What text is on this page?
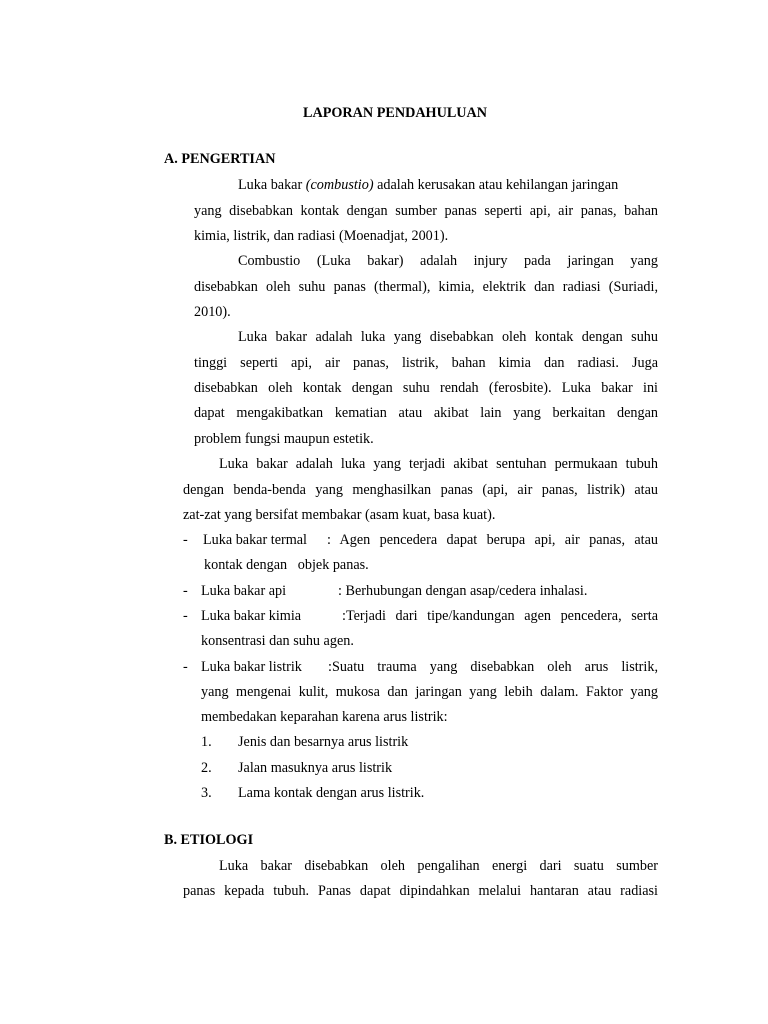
LAPORAN PENDAHULUAN
A. PENGERTIAN
Luka bakar (combustio) adalah kerusakan atau kehilangan jaringan
yang disebabkan kontak dengan sumber panas seperti api, air panas, bahan
kimia, listrik, dan radiasi (Moenadjat, 2001).
Combustio (Luka bakar) adalah injury pada jaringan yang
disebabkan oleh suhu panas (thermal), kimia, elektrik dan radiasi (Suriadi,
2010).
Luka bakar adalah luka yang disebabkan oleh kontak dengan suhu
tinggi seperti api, air panas, listrik, bahan kimia dan radiasi. Juga
disebabkan oleh kontak dengan suhu rendah (ferosbite). Luka bakar ini
dapat mengakibatkan kematian atau akibat lain yang berkaitan dengan
problem fungsi maupun estetik.
Luka bakar adalah luka yang terjadi akibat sentuhan permukaan tubuh
dengan benda-benda yang menghasilkan panas (api, air panas, listrik) atau
zat-zat yang bersifat membakar (asam kuat, basa kuat).
- Luka bakar termal : Agen pencedera dapat berupa api, air panas, atau
kontak dengan   objek panas.
- Luka bakar api	: Berhubungan dengan asap/cedera inhalasi.
- Luka bakar kimia	:Terjadi dari tipe/kandungan agen pencedera, serta
konsentrasi dan suhu agen.
- Luka bakar listrik :Suatu trauma yang disebabkan oleh arus listrik,
yang mengenai kulit, mukosa dan jaringan yang lebih dalam. Faktor yang
membedakan keparahan karena arus listrik:
1. Jenis dan besarnya arus listrik
2. Jalan masuknya arus listrik
3. Lama kontak dengan arus listrik.
B. ETIOLOGI
Luka bakar disebabkan oleh pengalihan energi dari suatu sumber
panas kepada tubuh. Panas dapat dipindahkan melalui hantaran atau radiasi
